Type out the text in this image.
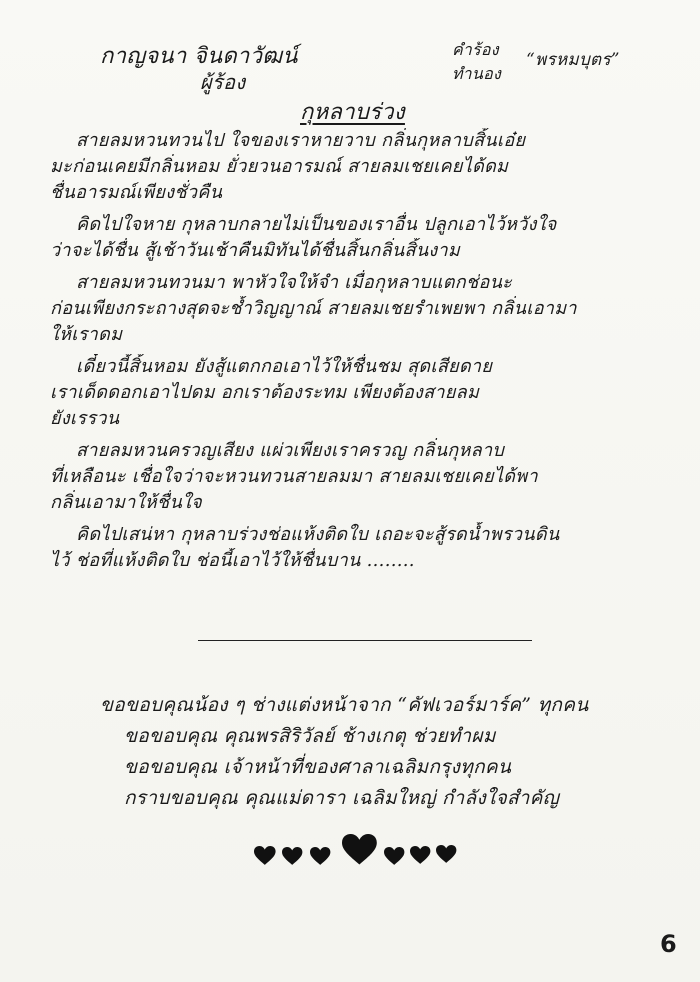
กาญจนา จินดาวัฒน์
ผู้ร้อง
คำร้อง
ทำนอง
“พรหมบุตร”
กุหลาบร่วง
สายลมหวนทวนไป ใจของเราหายวาบ กลิ่นกุหลาบสิ้นเอ๋ย
มะก่อนเคยมีกลิ่นหอม ยั่วยวนอารมณ์ สายลมเชยเคยได้ดม
ชื่นอารมณ์เพียงชั่วคืน
คิดไปใจหาย กุหลาบกลายไม่เป็นของเราอื่น ปลูกเอาไว้หวังใจ
ว่าจะได้ชื่น สู้เช้าวันเช้าคืนมิทันได้ชื่นสิ้นกลิ่นสิ้นงาม
สายลมหวนทวนมา พาหัวใจให้จำ เมื่อกุหลาบแตกช่อนะ
ก่อนเพียงกระถางสุดจะช้ำวิญญาณ์ สายลมเชยรำเพยพา กลิ่นเอามา
ให้เราดม
เดี๋ยวนี้สิ้นหอม ยังสู้แตกกอเอาไว้ให้ชื่นชม สุดเสียดาย
เราเด็ดดอกเอาไปดม อกเราต้องระทม เพียงต้องสายลม
ยังเรรวน
สายลมหวนครวญเสียง แผ่วเพียงเราครวญ กลิ่นกุหลาบ
ที่เหลือนะ เชื่อใจว่าจะหวนทวนสายลมมา สายลมเชยเคยได้พา
กลิ่นเอามาให้ชื่นใจ
คิดไปเสน่หา กุหลาบร่วงช่อแห้งติดใบ เถอะจะสู้รดน้ำพรวนดิน
ไว้ ช่อที่แห้งติดใบ ช่อนี้เอาไว้ให้ชื่นบาน ........
ขอขอบคุณน้อง ๆ ช่างแต่งหน้าจาก “คัฟเวอร์มาร์ค” ทุกคน
ขอขอบคุณ คุณพรสิริวัลย์ ช้างเกตุ ช่วยทำผม
ขอขอบคุณ เจ้าหน้าที่ของศาลาเฉลิมกรุงทุกคน
กราบขอบคุณ คุณแม่ดารา เฉลิมใหญ่ กำลังใจสำคัญ
6
